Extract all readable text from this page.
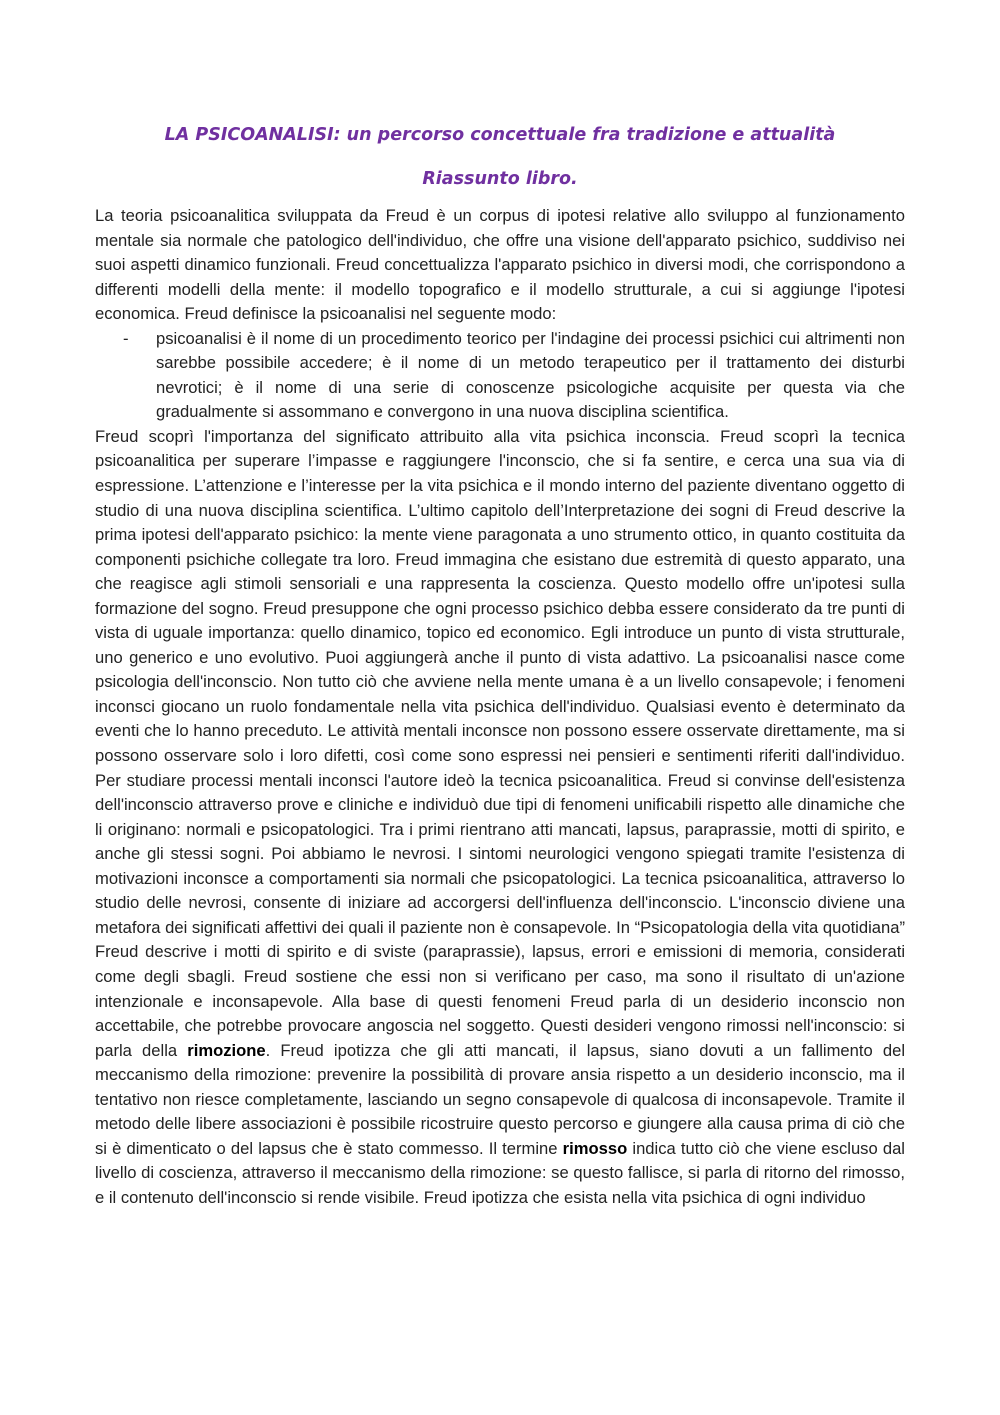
LA PSICOANALISI: un percorso concettuale fra tradizione e attualità
Riassunto libro.

La teoria psicoanalitica sviluppata da Freud è un corpus di ipotesi relative allo sviluppo al funzionamento mentale sia normale che patologico dell'individuo, che offre una visione dell'apparato psichico, suddiviso nei suoi aspetti dinamico funzionali. Freud concettualizza l'apparato psichico in diversi modi, che corrispondono a differenti modelli della mente: il modello topografico e il modello strutturale, a cui si aggiunge l'ipotesi economica. Freud definisce la psicoanalisi nel seguente modo:

- psicoanalisi è il nome di un procedimento teorico per l'indagine dei processi psichici cui altrimenti non sarebbe possibile accedere; è il nome di un metodo terapeutico per il trattamento dei disturbi nevrotici; è il nome di una serie di conoscenze psicologiche acquisite per questa via che gradualmente si assommano e convergono in una nuova disciplina scientifica.

Freud scoprì l'importanza del significato attribuito alla vita psichica inconscia. Freud scoprì la tecnica psicoanalitica per superare l’impasse e raggiungere l'inconscio, che si fa sentire, e cerca una sua via di espressione. L’attenzione e l’interesse per la vita psichica e il mondo interno del paziente diventano oggetto di studio di una nuova disciplina scientifica. L’ultimo capitolo dell’Interpretazione dei sogni di Freud descrive la prima ipotesi dell'apparato psichico: la mente viene paragonata a uno strumento ottico, in quanto costituita da componenti psichiche collegate tra loro. Freud immagina che esistano due estremità di questo apparato, una che reagisce agli stimoli sensoriali e una rappresenta la coscienza. Questo modello offre un'ipotesi sulla formazione del sogno. Freud presuppone che ogni processo psichico debba essere considerato da tre punti di vista di uguale importanza: quello dinamico, topico ed economico. Egli introduce un punto di vista strutturale, uno generico e uno evolutivo. Puoi aggiungerà anche il punto di vista adattivo. La psicoanalisi nasce come psicologia dell'inconscio. Non tutto ciò che avviene nella mente umana è a un livello consapevole; i fenomeni inconsci giocano un ruolo fondamentale nella vita psichica dell'individuo. Qualsiasi evento è determinato da eventi che lo hanno preceduto. Le attività mentali inconsce non possono essere osservate direttamente, ma si possono osservare solo i loro difetti, così come sono espressi nei pensieri e sentimenti riferiti dall'individuo. Per studiare processi mentali inconsci l'autore ideò la tecnica psicoanalitica. Freud si convinse dell'esistenza dell'inconscio attraverso prove e cliniche e individuò due tipi di fenomeni unificabili rispetto alle dinamiche che li originano: normali e psicopatologici. Tra i primi rientrano atti mancati, lapsus, paraprassie, motti di spirito, e anche gli stessi sogni. Poi abbiamo le nevrosi. I sintomi neurologici vengono spiegati tramite l'esistenza di motivazioni inconsce a comportamenti sia normali che psicopatologici. La tecnica psicoanalitica, attraverso lo studio delle nevrosi, consente di iniziare ad accorgersi dell'influenza dell'inconscio. L'inconscio diviene una metafora dei significati affettivi dei quali il paziente non è consapevole. In “Psicopatologia della vita quotidiana” Freud descrive i motti di spirito e di sviste (paraprassie), lapsus, errori e emissioni di memoria, considerati come degli sbagli. Freud sostiene che essi non si verificano per caso, ma sono il risultato di un'azione intenzionale e inconsapevole. Alla base di questi fenomeni Freud parla di un desiderio inconscio non accettabile, che potrebbe provocare angoscia nel soggetto. Questi desideri vengono rimossi nell'inconscio: si parla della rimozione. Freud ipotizza che gli atti mancati, il lapsus, siano dovuti a un fallimento del meccanismo della rimozione: prevenire la possibilità di provare ansia rispetto a un desiderio inconscio, ma il tentativo non riesce completamente, lasciando un segno consapevole di qualcosa di inconsapevole. Tramite il metodo delle libere associazioni è possibile ricostruire questo percorso e giungere alla causa prima di ciò che si è dimenticato o del lapsus che è stato commesso. Il termine rimosso indica tutto ciò che viene escluso dal livello di coscienza, attraverso il meccanismo della rimozione: se questo fallisce, si parla di ritorno del rimosso, e il contenuto dell'inconscio si rende visibile. Freud ipotizza che esista nella vita psichica di ogni individuo
